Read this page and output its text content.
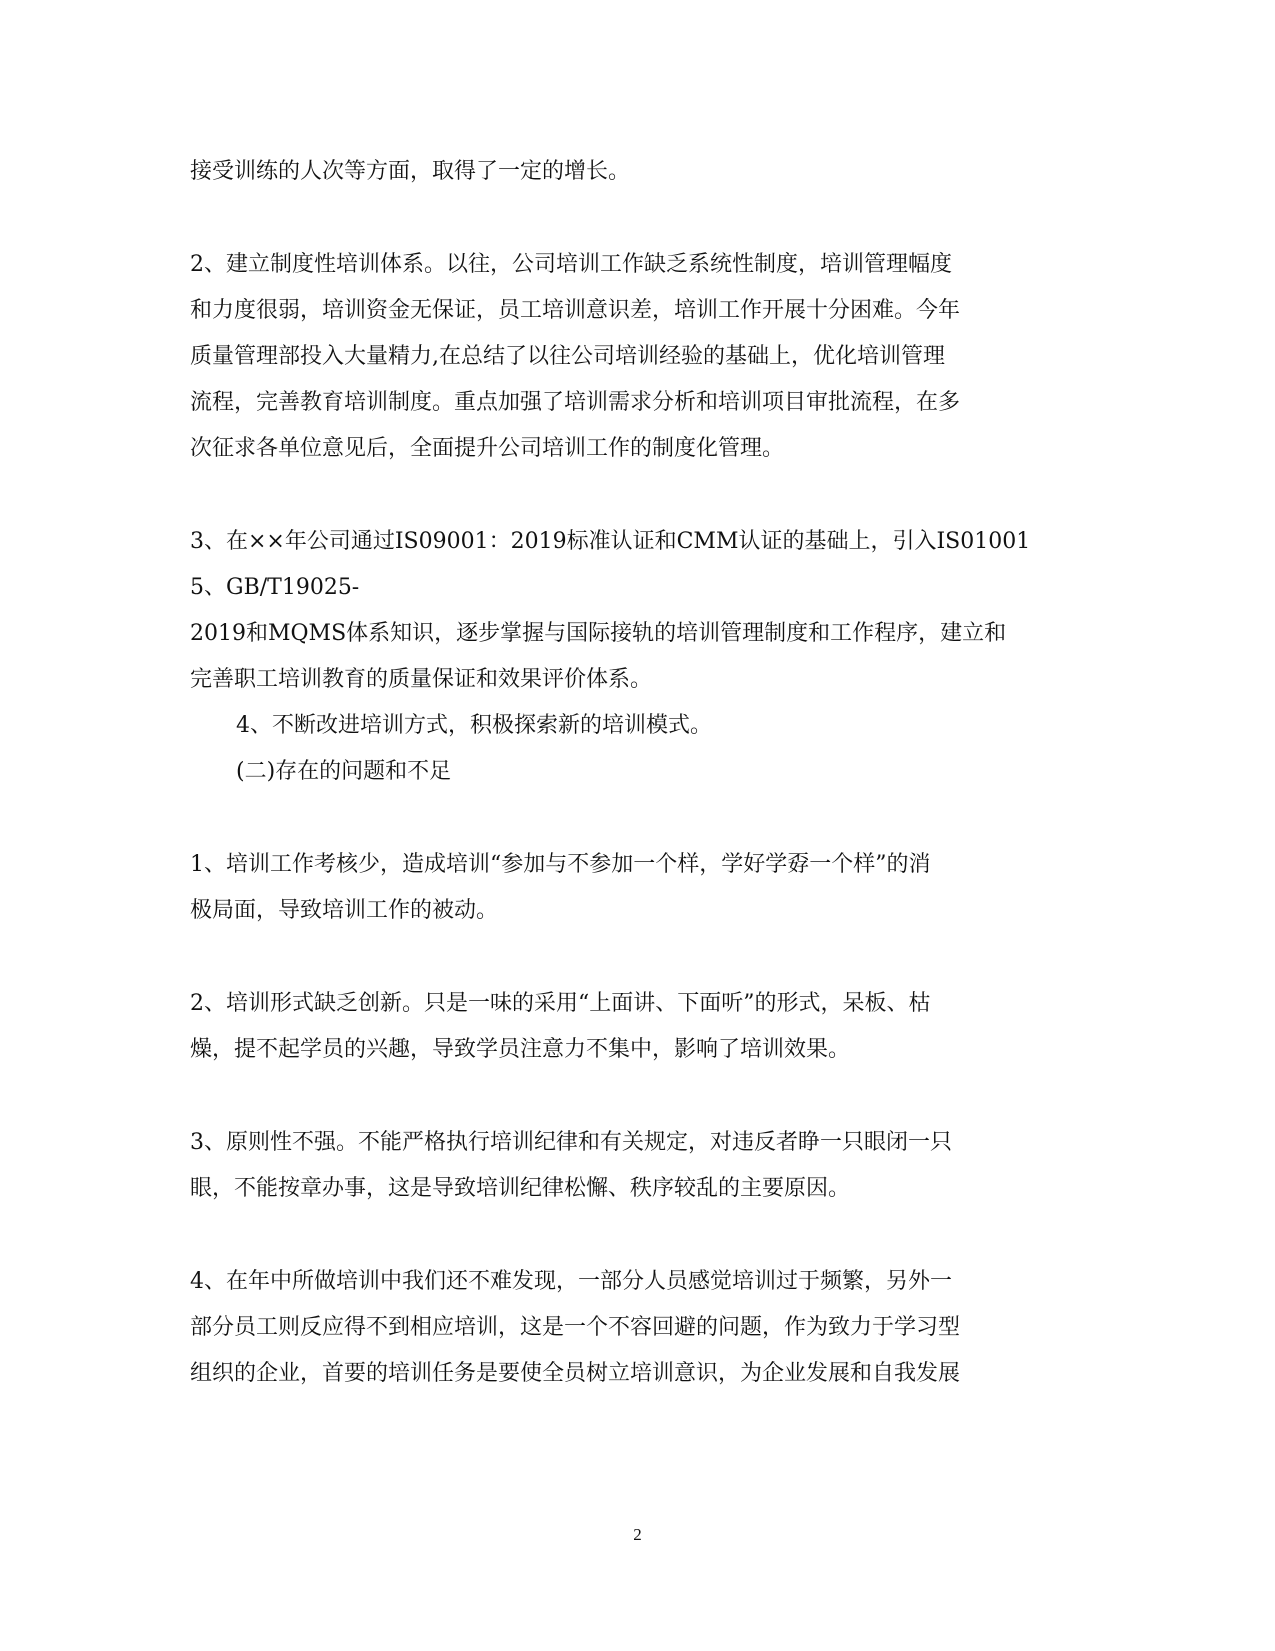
接受训练的人次等方面，取得了一定的增长。
2、建立制度性培训体系。以往，公司培训工作缺乏系统性制度，培训管理幅度
和力度很弱，培训资金无保证，员工培训意识差，培训工作开展十分困难。今年
质量管理部投入大量精力,在总结了以往公司培训经验的基础上，优化培训管理
流程，完善教育培训制度。重点加强了培训需求分析和培训项目审批流程，在多
次征求各单位意见后，全面提升公司培训工作的制度化管理。
3、在××年公司通过IS09001：2019标准认证和CMM认证的基础上，引入IS01001
5、GB/T19025-
2019和MQMS体系知识，逐步掌握与国际接轨的培训管理制度和工作程序，建立和
完善职工培训教育的质量保证和效果评价体系。
4、不断改进培训方式，积极探索新的培训模式。
(二)存在的问题和不足
1、培训工作考核少，造成培训“参加与不参加一个样，学好学孬一个样”的消
极局面，导致培训工作的被动。
2、培训形式缺乏创新。只是一味的采用“上面讲、下面听”的形式，呆板、枯
燥，提不起学员的兴趣，导致学员注意力不集中，影响了培训效果。
3、原则性不强。不能严格执行培训纪律和有关规定，对违反者睁一只眼闭一只
眼，不能按章办事，这是导致培训纪律松懈、秩序较乱的主要原因。
4、在年中所做培训中我们还不难发现，一部分人员感觉培训过于频繁，另外一
部分员工则反应得不到相应培训，这是一个不容回避的问题，作为致力于学习型
组织的企业，首要的培训任务是要使全员树立培训意识，为企业发展和自我发展
2
